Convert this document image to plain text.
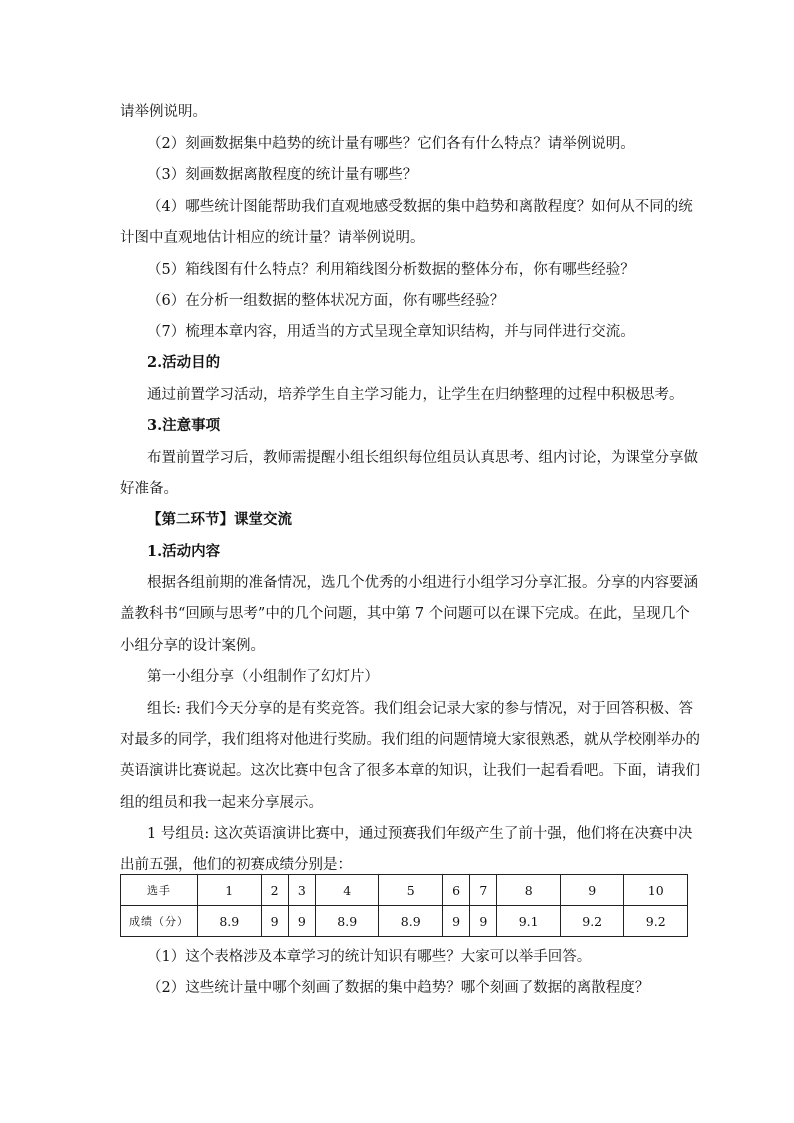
请举例说明。
（2）刻画数据集中趋势的统计量有哪些？它们各有什么特点？请举例说明。
（3）刻画数据离散程度的统计量有哪些？
（4）哪些统计图能帮助我们直观地感受数据的集中趋势和离散程度？如何从不同的统
计图中直观地估计相应的统计量？请举例说明。
（5）箱线图有什么特点？利用箱线图分析数据的整体分布，你有哪些经验？
（6）在分析一组数据的整体状况方面，你有哪些经验？
（7）梳理本章内容，用适当的方式呈现全章知识结构，并与同伴进行交流。
2.活动目的
通过前置学习活动，培养学生自主学习能力，让学生在归纳整理的过程中积极思考。
3.注意事项
布置前置学习后，教师需提醒小组长组织每位组员认真思考、组内讨论，为课堂分享做
好准备。
【第二环节】课堂交流
1.活动内容
根据各组前期的准备情况，选几个优秀的小组进行小组学习分享汇报。分享的内容要涵
盖教科书“回顾与思考”中的几个问题，其中第 7 个问题可以在课下完成。在此，呈现几个
小组分享的设计案例。
第一小组分享（小组制作了幻灯片）
组长: 我们今天分享的是有奖竞答。我们组会记录大家的参与情况，对于回答积极、答
对最多的同学，我们组将对他进行奖励。我们组的问题情境大家很熟悉，就从学校刚举办的
英语演讲比赛说起。这次比赛中包含了很多本章的知识，让我们一起看看吧。下面，请我们
组的组员和我一起来分享展示。
1 号组员: 这次英语演讲比赛中，通过预赛我们年级产生了前十强，他们将在决赛中决
出前五强，他们的初赛成绩分别是：
选手	1	2	3	4	5	6	7	8	9	10
成绩（分）	8.9	9	9	8.9	8.9	9	9	9.1	9.2	9.2
（1）这个表格涉及本章学习的统计知识有哪些？大家可以举手回答。
（2）这些统计量中哪个刻画了数据的集中趋势？哪个刻画了数据的离散程度？
